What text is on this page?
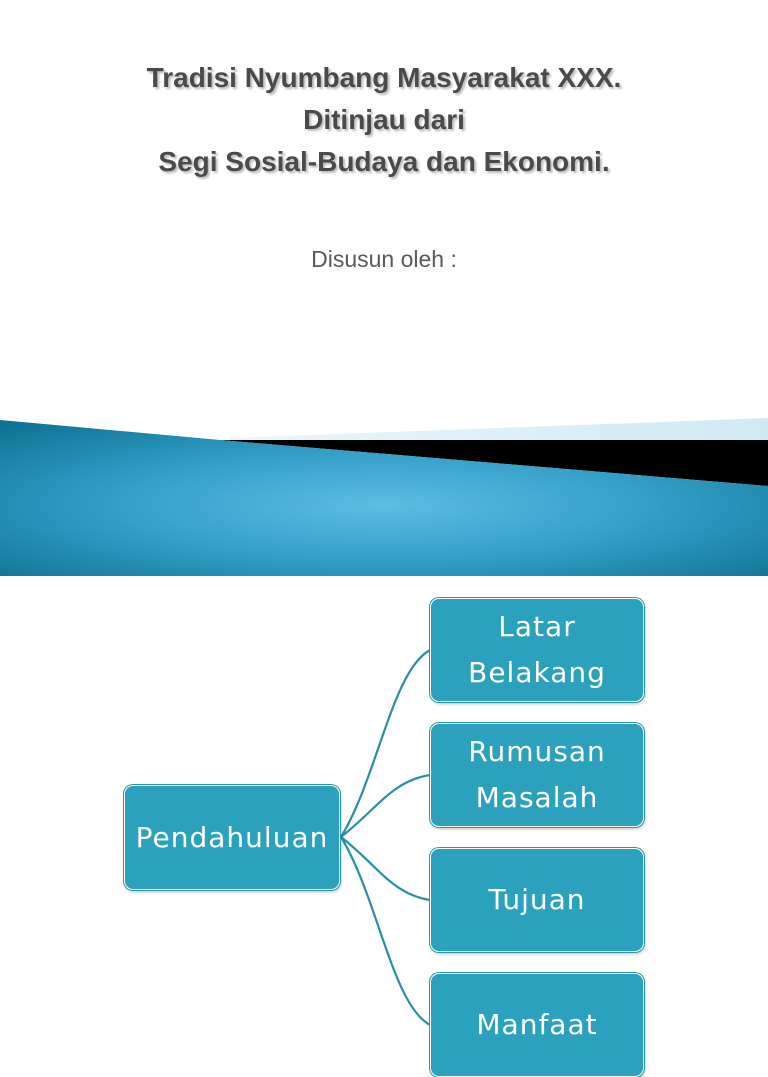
Tradisi Nyumbang Masyarakat XXX.
Ditinjau dari
Segi Sosial-Budaya dan Ekonomi.
Disusun oleh :
Pendahuluan
Latar Belakang
Rumusan Masalah
Tujuan
Manfaat
